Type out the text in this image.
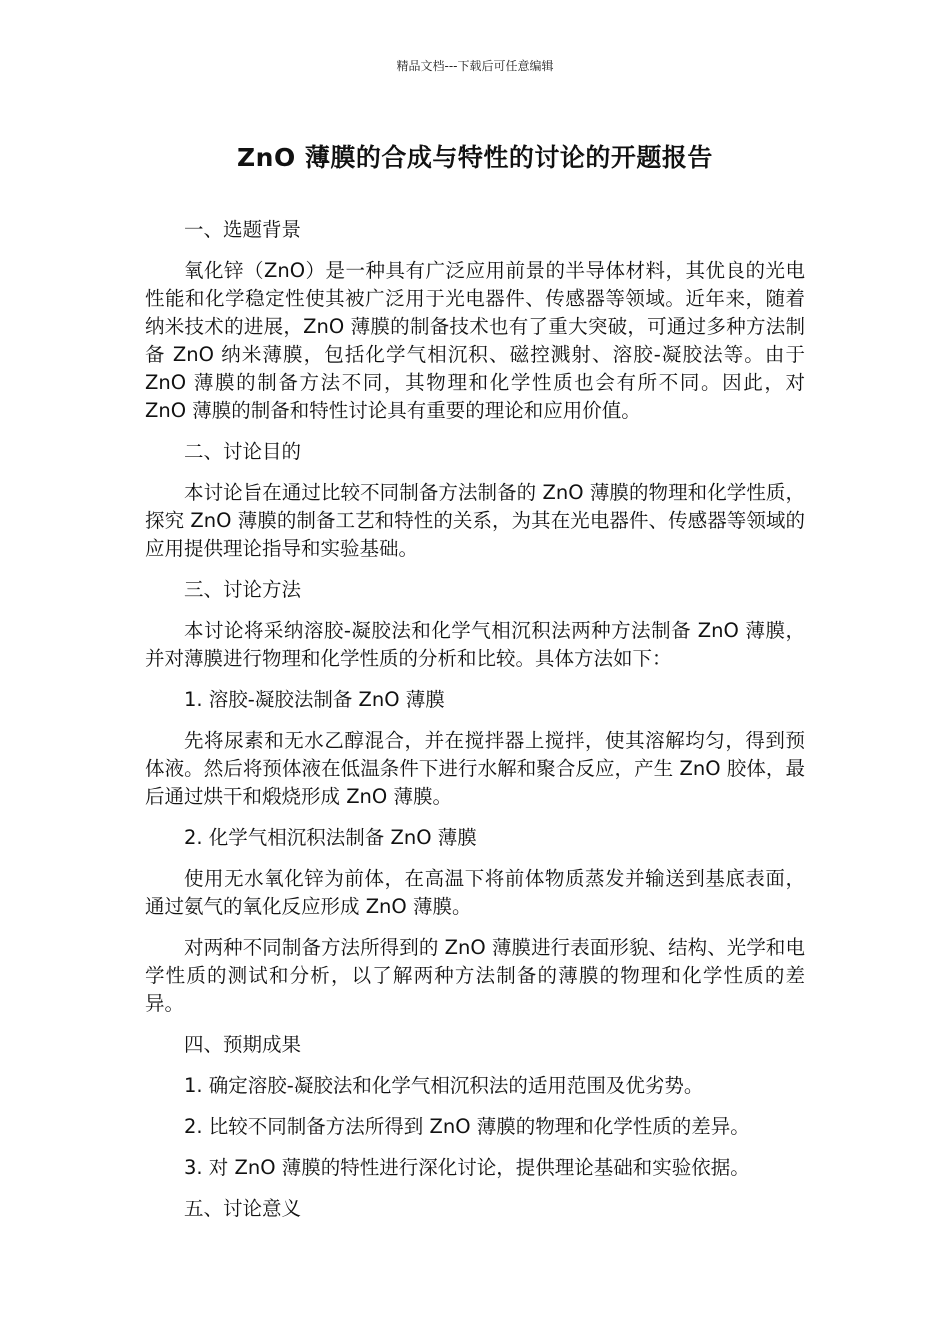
精品文档---下载后可任意编辑
ZnO 薄膜的合成与特性的讨论的开题报告

一、选题背景

氧化锌（ZnO）是一种具有广泛应用前景的半导体材料，其优良的光电性能和化学稳定性使其被广泛用于光电器件、传感器等领域。近年来，随着纳米技术的进展，ZnO 薄膜的制备技术也有了重大突破，可通过多种方法制备 ZnO 纳米薄膜，包括化学气相沉积、磁控溅射、溶胶-凝胶法等。由于 ZnO 薄膜的制备方法不同，其物理和化学性质也会有所不同。因此，对 ZnO 薄膜的制备和特性讨论具有重要的理论和应用价值。

二、讨论目的

本讨论旨在通过比较不同制备方法制备的 ZnO 薄膜的物理和化学性质，探究 ZnO 薄膜的制备工艺和特性的关系，为其在光电器件、传感器等领域的应用提供理论指导和实验基础。

三、讨论方法

本讨论将采纳溶胶-凝胶法和化学气相沉积法两种方法制备 ZnO 薄膜，并对薄膜进行物理和化学性质的分析和比较。具体方法如下：

1. 溶胶-凝胶法制备 ZnO 薄膜

先将尿素和无水乙醇混合，并在搅拌器上搅拌，使其溶解均匀，得到预体液。然后将预体液在低温条件下进行水解和聚合反应，产生 ZnO 胶体，最后通过烘干和煅烧形成 ZnO 薄膜。

2. 化学气相沉积法制备 ZnO 薄膜

使用无水氧化锌为前体，在高温下将前体物质蒸发并输送到基底表面，通过氨气的氧化反应形成 ZnO 薄膜。

对两种不同制备方法所得到的 ZnO 薄膜进行表面形貌、结构、光学和电学性质的测试和分析，以了解两种方法制备的薄膜的物理和化学性质的差异。

四、预期成果

1. 确定溶胶-凝胶法和化学气相沉积法的适用范围及优劣势。

2. 比较不同制备方法所得到 ZnO 薄膜的物理和化学性质的差异。

3. 对 ZnO 薄膜的特性进行深化讨论，提供理论基础和实验依据。

五、讨论意义
